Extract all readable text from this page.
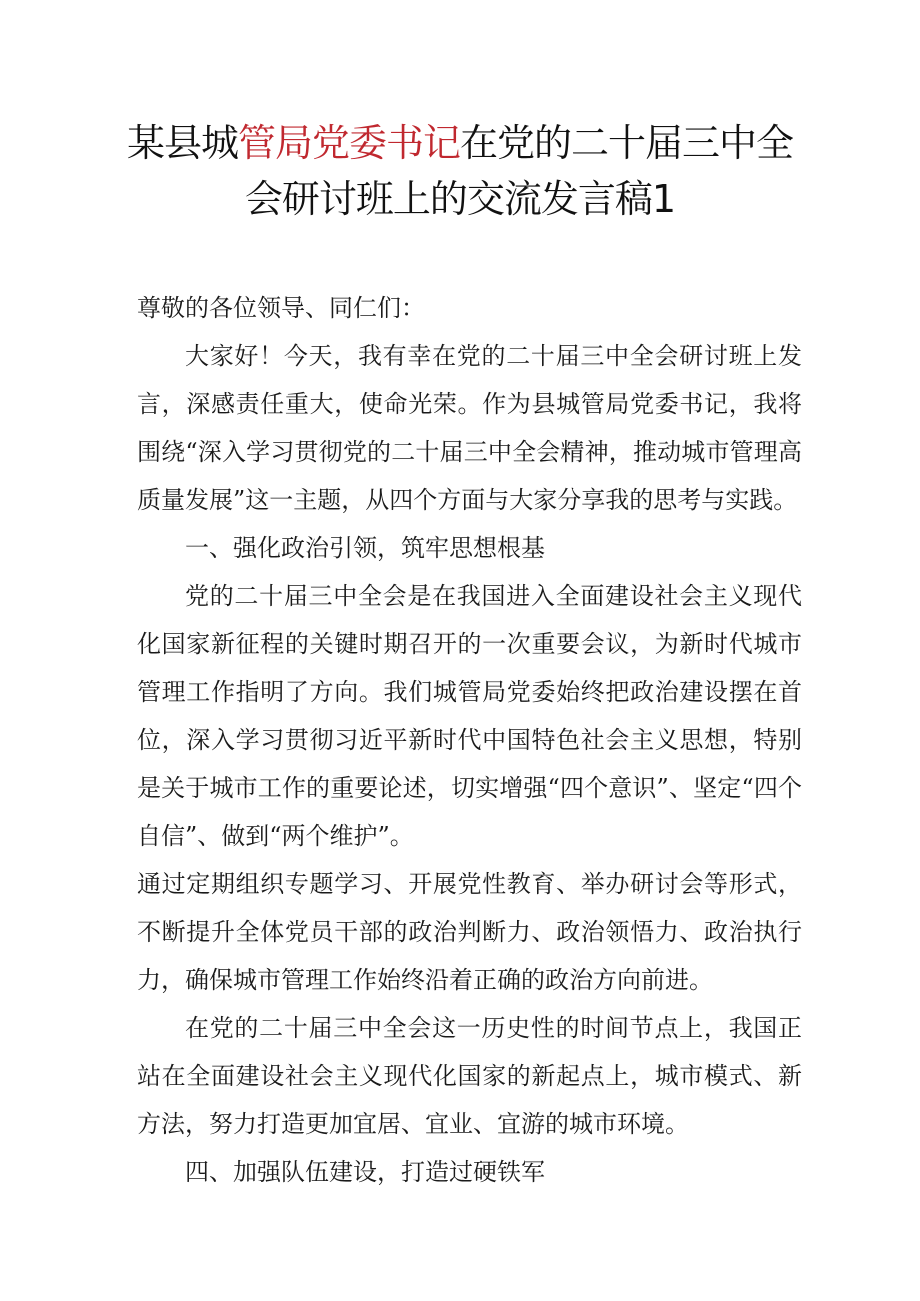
某县城管局党委书记在党的二十届三中全
会研讨班上的交流发言稿1
尊敬的各位领导、同仁们：

大家好！今天，我有幸在党的二十届三中全会研讨班上发言，深感责任重大，使命光荣。作为县城管局党委书记，我将围绕“深入学习贯彻党的二十届三中全会精神，推动城市管理高质量发展”这一主题，从四个方面与大家分享我的思考与实践。

一、强化政治引领，筑牢思想根基

党的二十届三中全会是在我国进入全面建设社会主义现代化国家新征程的关键时期召开的一次重要会议，为新时代城市管理工作指明了方向。我们城管局党委始终把政治建设摆在首位，深入学习贯彻习近平新时代中国特色社会主义思想，特别是关于城市工作的重要论述，切实增强“四个意识”、坚定“四个自信”、做到“两个维护”。

通过定期组织专题学习、开展党性教育、举办研讨会等形式，不断提升全体党员干部的政治判断力、政治领悟力、政治执行力，确保城市管理工作始终沿着正确的政治方向前进。

在党的二十届三中全会这一历史性的时间节点上，我国正站在全面建设社会主义现代化国家的新起点上，城市模式、新方法，努力打造更加宜居、宜业、宜游的城市环境。

四、加强队伍建设，打造过硬铁军
